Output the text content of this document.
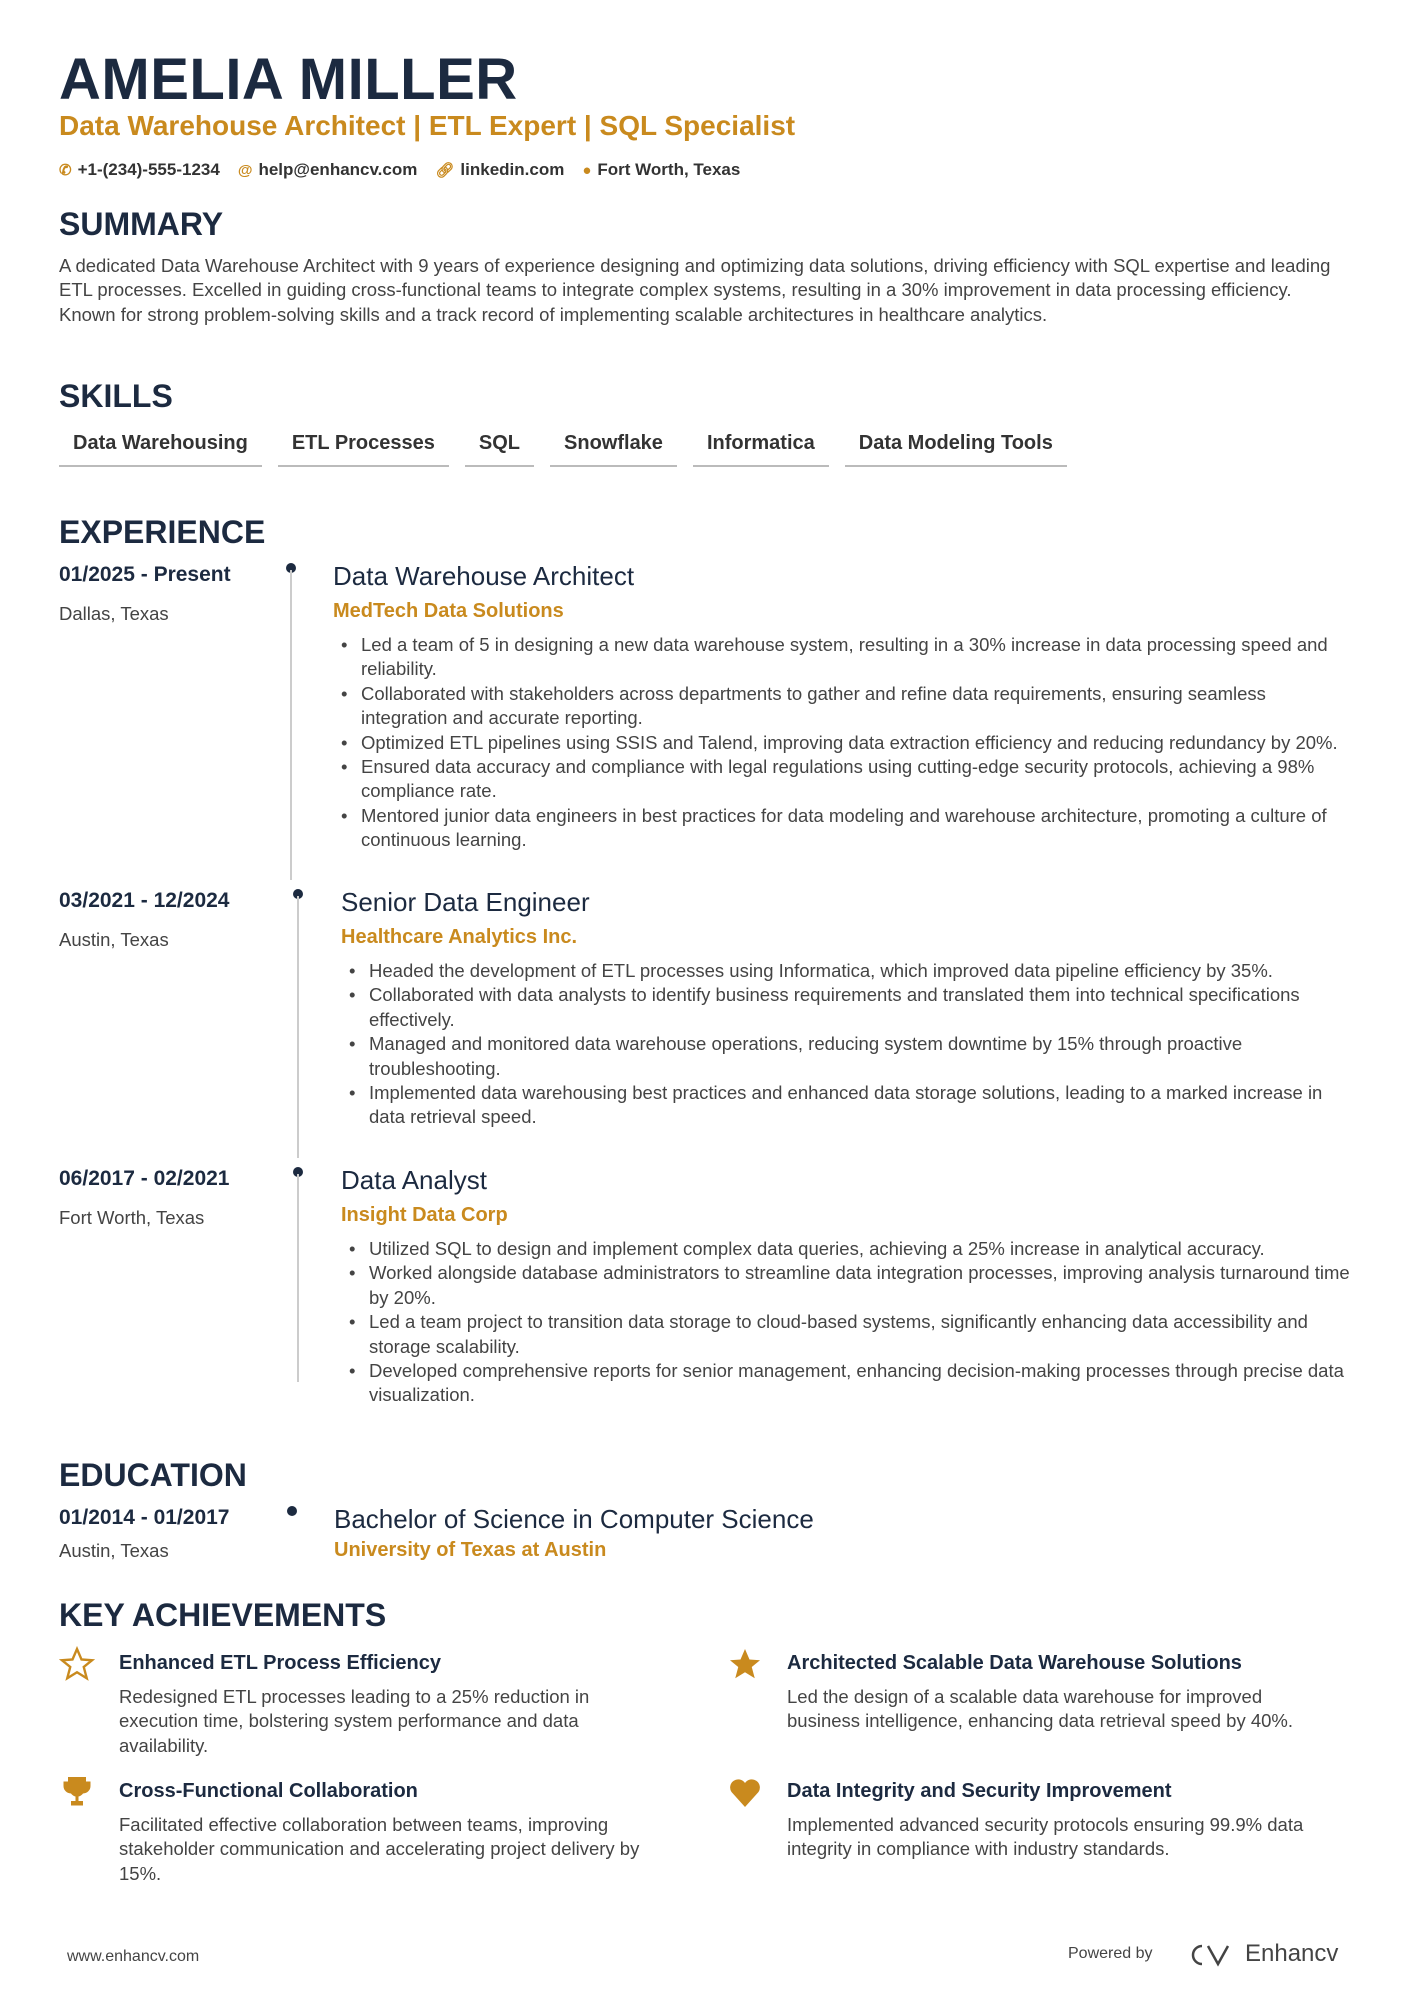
AMELIA MILLER
Data Warehouse Architect | ETL Expert | SQL Specialist
✆ +1-(234)-555-1234 @ help@enhancv.com 🔗︎ linkedin.com ● Fort Worth, Texas
SUMMARY
A dedicated Data Warehouse Architect with 9 years of experience designing and optimizing data solutions, driving efficiency with SQL expertise and leading ETL processes. Excelled in guiding cross-functional teams to integrate complex systems, resulting in a 30% improvement in data processing efficiency. Known for strong problem-solving skills and a track record of implementing scalable architectures in healthcare analytics.
SKILLS
Data Warehousing	ETL Processes	SQL	Snowflake	Informatica	Data Modeling Tools
EXPERIENCE
01/2025 - Present
Dallas, Texas
Data Warehouse Architect
MedTech Data Solutions
• Led a team of 5 in designing a new data warehouse system, resulting in a 30% increase in data processing speed and reliability.
• Collaborated with stakeholders across departments to gather and refine data requirements, ensuring seamless integration and accurate reporting.
• Optimized ETL pipelines using SSIS and Talend, improving data extraction efficiency and reducing redundancy by 20%.
• Ensured data accuracy and compliance with legal regulations using cutting-edge security protocols, achieving a 98% compliance rate.
• Mentored junior data engineers in best practices for data modeling and warehouse architecture, promoting a culture of continuous learning.
03/2021 - 12/2024
Austin, Texas
Senior Data Engineer
Healthcare Analytics Inc.
• Headed the development of ETL processes using Informatica, which improved data pipeline efficiency by 35%.
• Collaborated with data analysts to identify business requirements and translated them into technical specifications effectively.
• Managed and monitored data warehouse operations, reducing system downtime by 15% through proactive troubleshooting.
• Implemented data warehousing best practices and enhanced data storage solutions, leading to a marked increase in data retrieval speed.
06/2017 - 02/2021
Fort Worth, Texas
Data Analyst
Insight Data Corp
• Utilized SQL to design and implement complex data queries, achieving a 25% increase in analytical accuracy.
• Worked alongside database administrators to streamline data integration processes, improving analysis turnaround time by 20%.
• Led a team project to transition data storage to cloud-based systems, significantly enhancing data accessibility and storage scalability.
• Developed comprehensive reports for senior management, enhancing decision-making processes through precise data visualization.
EDUCATION
01/2014 - 01/2017
Austin, Texas
Bachelor of Science in Computer Science
University of Texas at Austin
KEY ACHIEVEMENTS
Enhanced ETL Process Efficiency
Redesigned ETL processes leading to a 25% reduction in execution time, bolstering system performance and data availability.
Architected Scalable Data Warehouse Solutions
Led the design of a scalable data warehouse for improved business intelligence, enhancing data retrieval speed by 40%.
Cross-Functional Collaboration
Facilitated effective collaboration between teams, improving stakeholder communication and accelerating project delivery by 15%.
Data Integrity and Security Improvement
Implemented advanced security protocols ensuring 99.9% data integrity in compliance with industry standards.
www.enhancv.com	Powered by	Enhancv
